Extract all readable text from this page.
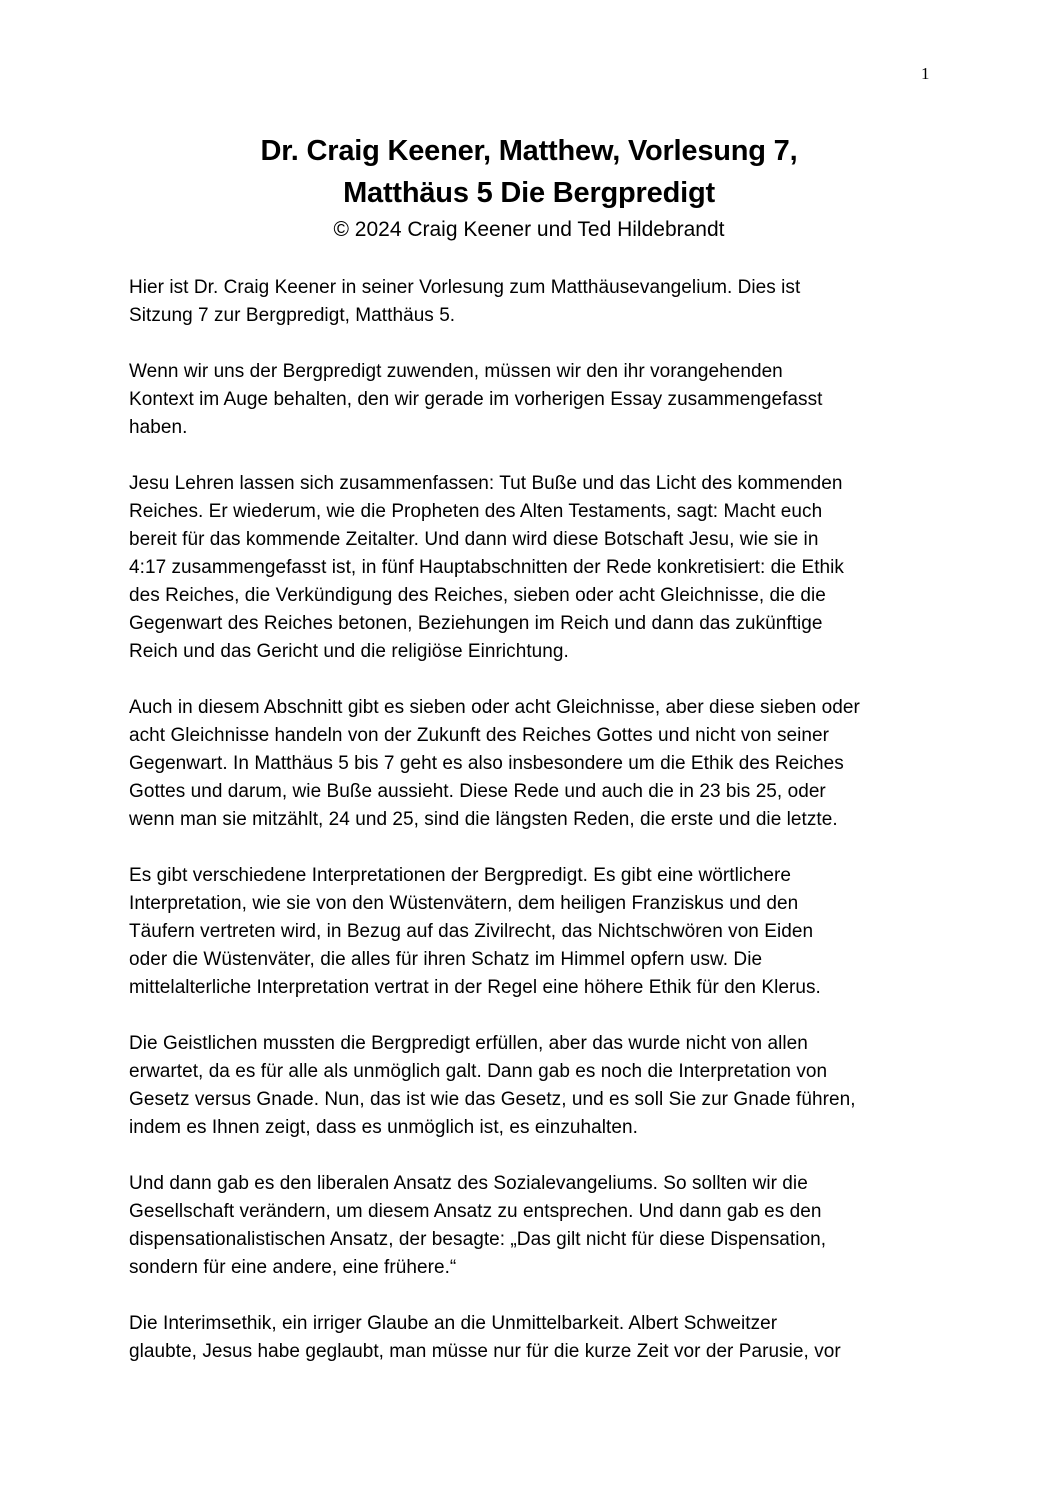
1
Dr. Craig Keener, Matthew, Vorlesung 7,
Matthäus 5 Die Bergpredigt
© 2024 Craig Keener und Ted Hildebrandt

Hier ist Dr. Craig Keener in seiner Vorlesung zum Matthäusevangelium. Dies ist
Sitzung 7 zur Bergpredigt, Matthäus 5.

Wenn wir uns der Bergpredigt zuwenden, müssen wir den ihr vorangehenden
Kontext im Auge behalten, den wir gerade im vorherigen Essay zusammengefasst
haben.

Jesu Lehren lassen sich zusammenfassen: Tut Buße und das Licht des kommenden
Reiches. Er wiederum, wie die Propheten des Alten Testaments, sagt: Macht euch
bereit für das kommende Zeitalter. Und dann wird diese Botschaft Jesu, wie sie in
4:17 zusammengefasst ist, in fünf Hauptabschnitten der Rede konkretisiert: die Ethik
des Reiches, die Verkündigung des Reiches, sieben oder acht Gleichnisse, die die
Gegenwart des Reiches betonen, Beziehungen im Reich und dann das zukünftige
Reich und das Gericht und die religiöse Einrichtung.

Auch in diesem Abschnitt gibt es sieben oder acht Gleichnisse, aber diese sieben oder
acht Gleichnisse handeln von der Zukunft des Reiches Gottes und nicht von seiner
Gegenwart. In Matthäus 5 bis 7 geht es also insbesondere um die Ethik des Reiches
Gottes und darum, wie Buße aussieht. Diese Rede und auch die in 23 bis 25, oder
wenn man sie mitzählt, 24 und 25, sind die längsten Reden, die erste und die letzte.

Es gibt verschiedene Interpretationen der Bergpredigt. Es gibt eine wörtlichere
Interpretation, wie sie von den Wüstenvätern, dem heiligen Franziskus und den
Täufern vertreten wird, in Bezug auf das Zivilrecht, das Nichtschwören von Eiden
oder die Wüstenväter, die alles für ihren Schatz im Himmel opfern usw. Die
mittelalterliche Interpretation vertrat in der Regel eine höhere Ethik für den Klerus.

Die Geistlichen mussten die Bergpredigt erfüllen, aber das wurde nicht von allen
erwartet, da es für alle als unmöglich galt. Dann gab es noch die Interpretation von
Gesetz versus Gnade. Nun, das ist wie das Gesetz, und es soll Sie zur Gnade führen,
indem es Ihnen zeigt, dass es unmöglich ist, es einzuhalten.

Und dann gab es den liberalen Ansatz des Sozialevangeliums. So sollten wir die
Gesellschaft verändern, um diesem Ansatz zu entsprechen. Und dann gab es den
dispensationalistischen Ansatz, der besagte: „Das gilt nicht für diese Dispensation,
sondern für eine andere, eine frühere.“

Die Interimsethik, ein irriger Glaube an die Unmittelbarkeit. Albert Schweitzer
glaubte, Jesus habe geglaubt, man müsse nur für die kurze Zeit vor der Parusie, vor
